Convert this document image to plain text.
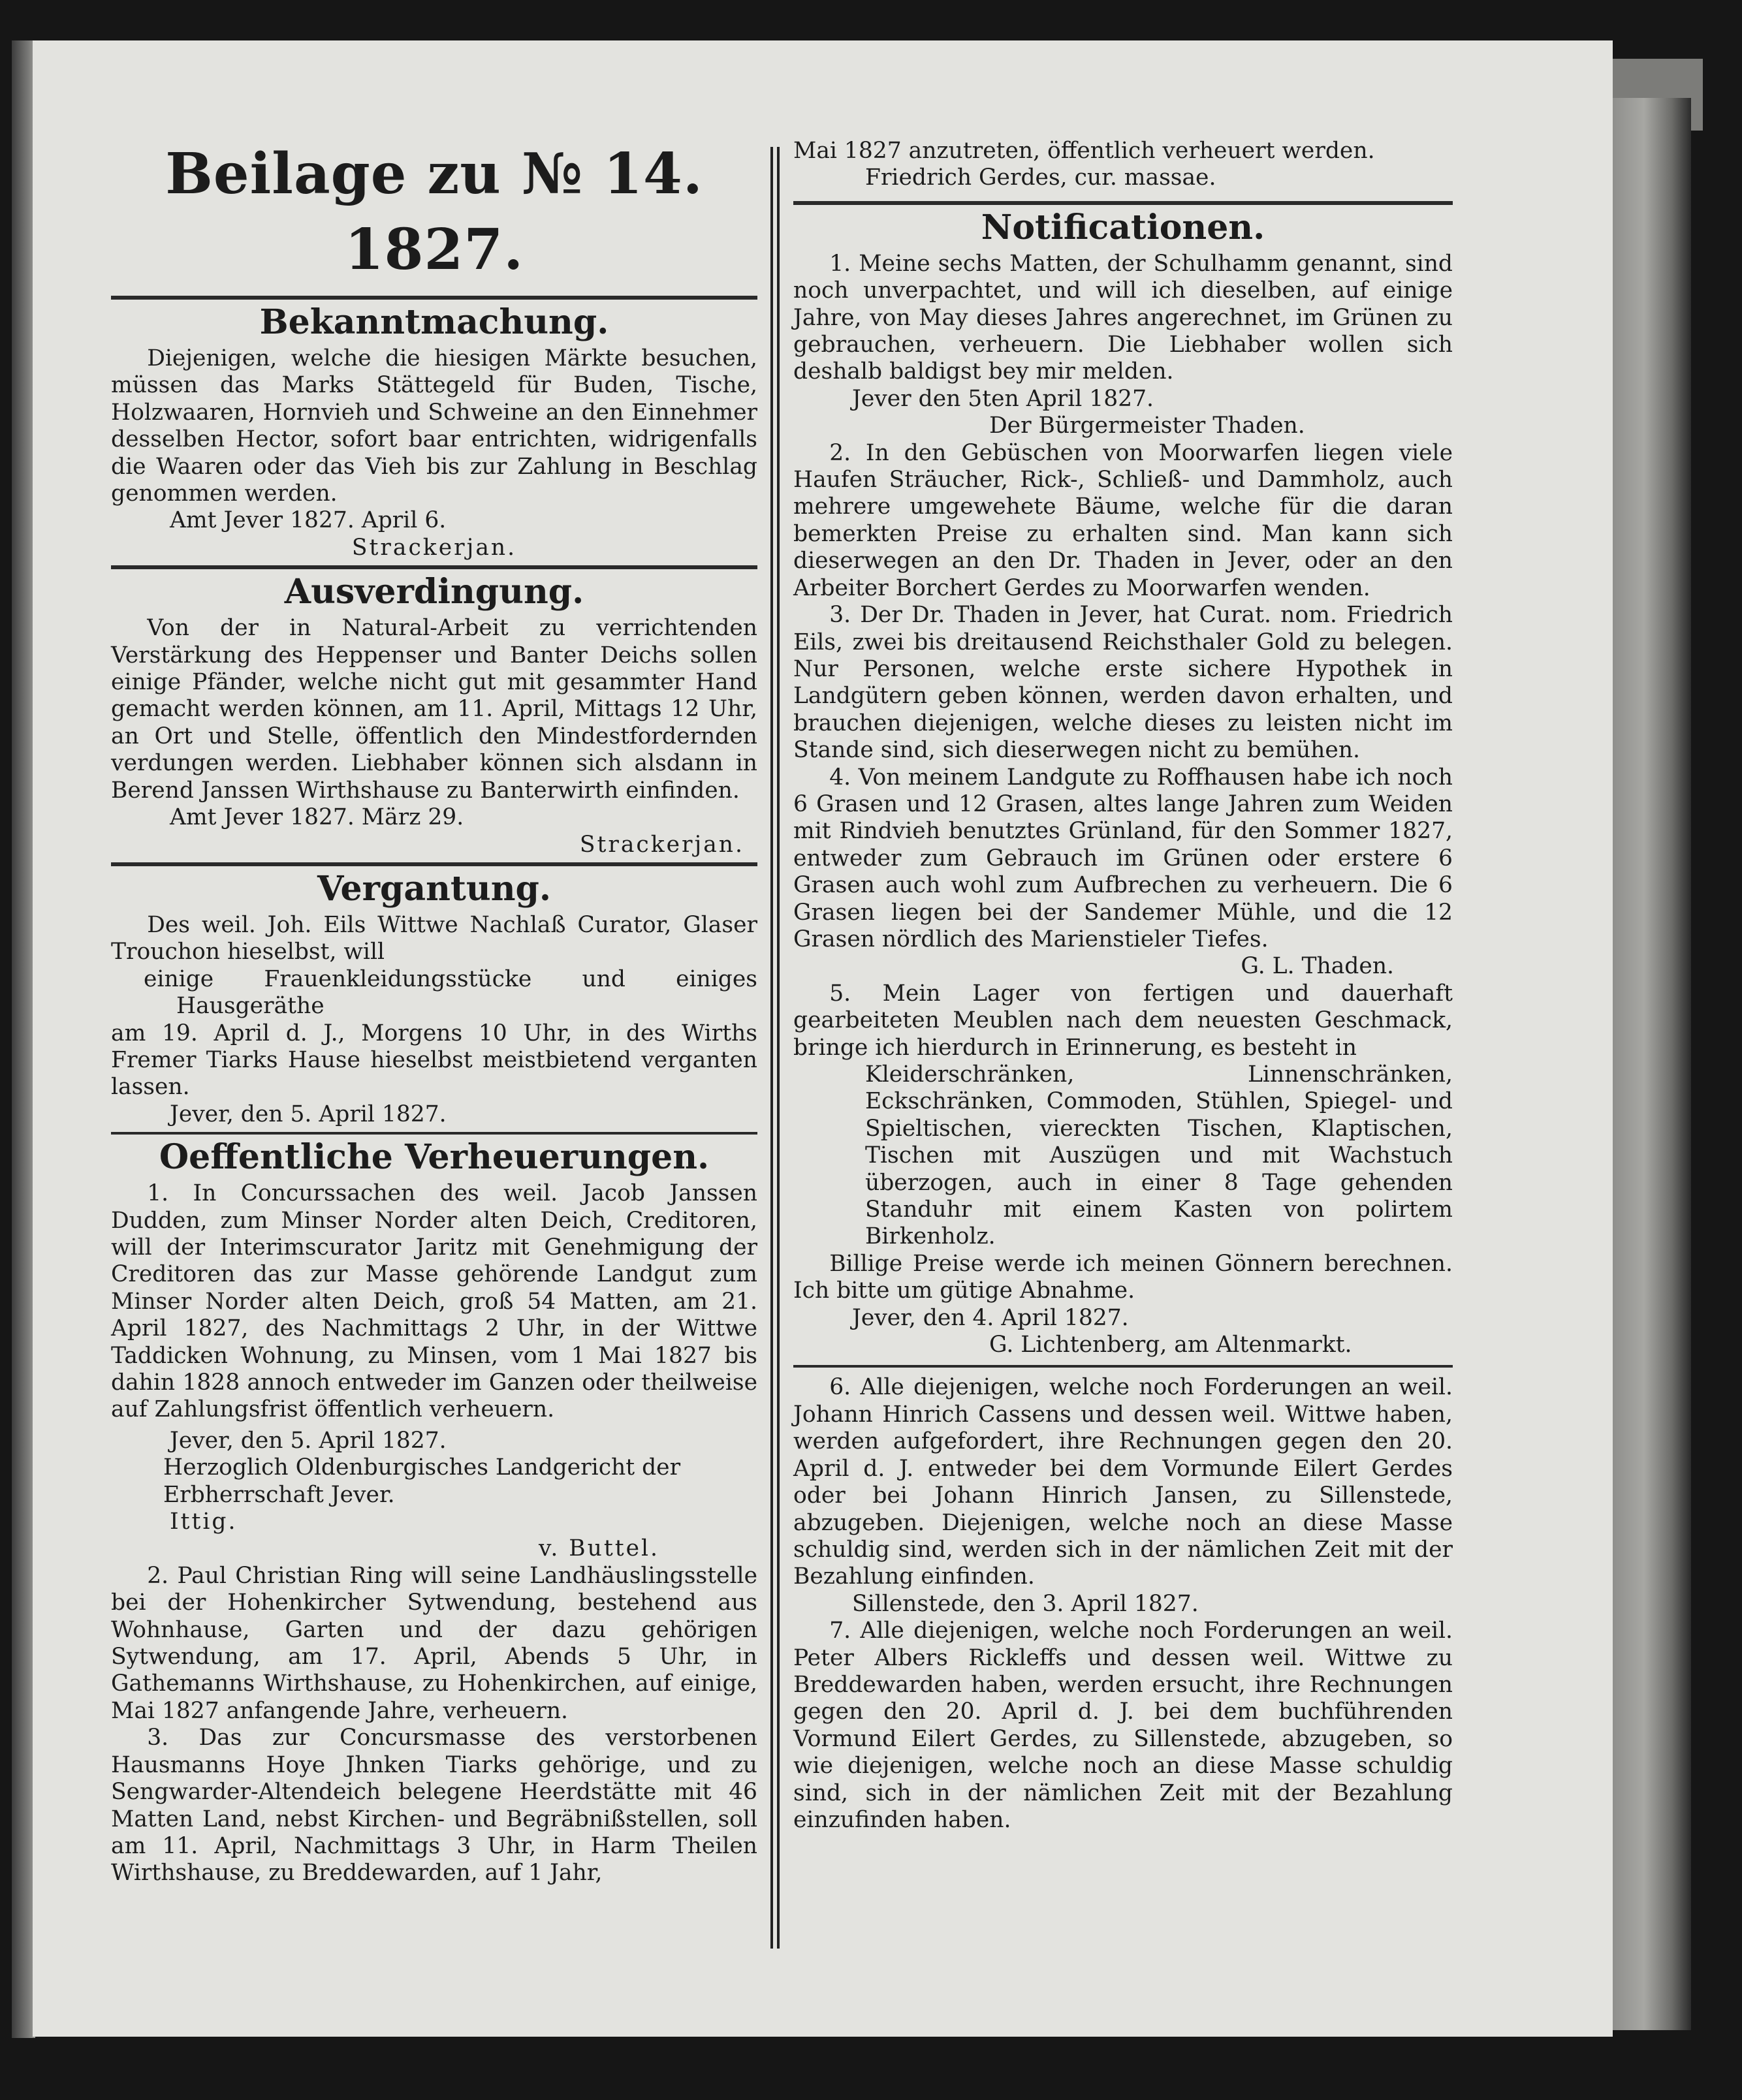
Beilage zu № 14. 1827.
Bekanntmachung.

Diejenigen, welche die hiesigen Märkte besuchen, müssen das Marks Stättegeld für Buden, Tische, Holzwaaren, Hornvieh und Schweine an den Einnehmer desselben Hector, sofort baar entrichten, widrigenfalls die Waaren oder das Vieh bis zur Zahlung in Beschlag genommen werden.

Amt Jever 1827. April 6.

Strackerjan.

Ausverdingung.

Von der in Natural-Arbeit zu verrichtenden Verstärkung des Heppenser und Banter Deichs sollen einige Pfänder, welche nicht gut mit gesammter Hand gemacht werden können, am 11. April, Mittags 12 Uhr, an Ort und Stelle, öffentlich den Mindestfordernden verdungen werden. Liebhaber können sich alsdann in Berend Janssen Wirthshause zu Banterwirth einfinden.

Amt Jever 1827. März 29.

Strackerjan.

Vergantung.

Des weil. Joh. Eils Wittwe Nachlaß Curator, Glaser Trouchon hieselbst, will

einige Frauenkleidungsstücke und einiges Hausgeräthe

am 19. April d. J., Morgens 10 Uhr, in des Wirths Fremer Tiarks Hause hieselbst meistbietend verganten lassen.

Jever, den 5. April 1827.

Oeffentliche Verheuerungen.

1. In Concurssachen des weil. Jacob Janssen Dudden, zum Minser Norder alten Deich, Creditoren, will der Interimscurator Jaritz mit Genehmigung der Creditoren das zur Masse gehörende Landgut zum Minser Norder alten Deich, groß 54 Matten, am 21. April 1827, des Nachmittags 2 Uhr, in der Wittwe Taddicken Wohnung, zu Minsen, vom 1 Mai 1827 bis dahin 1828 annoch entweder im Ganzen oder theilweise auf Zahlungsfrist öffentlich verheuern.

Jever, den 5. April 1827.

Herzoglich Oldenburgisches Landgericht der Erbherrschaft Jever.

Ittig.

v. Buttel.

2. Paul Christian Ring will seine Landhäuslingsstelle bei der Hohenkircher Sytwendung, bestehend aus Wohnhause, Garten und der dazu gehörigen Sytwendung, am 17. April, Abends 5 Uhr, in Gathemanns Wirthshause, zu Hohenkirchen, auf einige, Mai 1827 anfangende Jahre, verheuern.

3. Das zur Concursmasse des verstorbenen Hausmanns Hoye Jhnken Tiarks gehörige, und zu Sengwarder-Altendeich belegene Heerdstätte mit 46 Matten Land, nebst Kirchen- und Begräbnißstellen, soll am 11. April, Nachmittags 3 Uhr, in Harm Theilen Wirthshause, zu Breddewarden, auf 1 Jahr,

Mai 1827 anzutreten, öffentlich verheuert werden.

Friedrich Gerdes, cur. massae.

Notificationen.

1. Meine sechs Matten, der Schulhamm genannt, sind noch unverpachtet, und will ich dieselben, auf einige Jahre, von May dieses Jahres angerechnet, im Grünen zu gebrauchen, verheuern. Die Liebhaber wollen sich deshalb baldigst bey mir melden.

Jever den 5ten April 1827.

Der Bürgermeister Thaden.

2. In den Gebüschen von Moorwarfen liegen viele Haufen Sträucher, Rick-, Schließ- und Dammholz, auch mehrere umgewehete Bäume, welche für die daran bemerkten Preise zu erhalten sind. Man kann sich dieserwegen an den Dr. Thaden in Jever, oder an den Arbeiter Borchert Gerdes zu Moorwarfen wenden.

3. Der Dr. Thaden in Jever, hat Curat. nom. Friedrich Eils, zwei bis dreitausend Reichsthaler Gold zu belegen. Nur Personen, welche erste sichere Hypothek in Landgütern geben können, werden davon erhalten, und brauchen diejenigen, welche dieses zu leisten nicht im Stande sind, sich dieserwegen nicht zu bemühen.

4. Von meinem Landgute zu Roffhausen habe ich noch 6 Grasen und 12 Grasen, altes lange Jahren zum Weiden mit Rindvieh benutztes Grünland, für den Sommer 1827, entweder zum Gebrauch im Grünen oder erstere 6 Grasen auch wohl zum Aufbrechen zu verheuern. Die 6 Grasen liegen bei der Sandemer Mühle, und die 12 Grasen nördlich des Marienstieler Tiefes.

G. L. Thaden.

5. Mein Lager von fertigen und dauerhaft gearbeiteten Meublen nach dem neuesten Geschmack, bringe ich hierdurch in Erinnerung, es besteht in

Kleiderschränken, Linnenschränken, Eckschränken, Commoden, Stühlen, Spiegel- und Spieltischen, viereckten Tischen, Klaptischen, Tischen mit Auszügen und mit Wachstuch überzogen, auch in einer 8 Tage gehenden Standuhr mit einem Kasten von polirtem Birkenholz.

Billige Preise werde ich meinen Gönnern berechnen. Ich bitte um gütige Abnahme.

Jever, den 4. April 1827.

G. Lichtenberg, am Altenmarkt.

6. Alle diejenigen, welche noch Forderungen an weil. Johann Hinrich Cassens und dessen weil. Wittwe haben, werden aufgefordert, ihre Rechnungen gegen den 20. April d. J. entweder bei dem Vormunde Eilert Gerdes oder bei Johann Hinrich Jansen, zu Sillenstede, abzugeben. Diejenigen, welche noch an diese Masse schuldig sind, werden sich in der nämlichen Zeit mit der Bezahlung einfinden.

Sillenstede, den 3. April 1827.

7. Alle diejenigen, welche noch Forderungen an weil. Peter Albers Rickleffs und dessen weil. Wittwe zu Breddewarden haben, werden ersucht, ihre Rechnungen gegen den 20. April d. J. bei dem buchführenden Vormund Eilert Gerdes, zu Sillenstede, abzugeben, so wie diejenigen, welche noch an diese Masse schuldig sind, sich in der nämlichen Zeit mit der Bezahlung einzufinden haben.
